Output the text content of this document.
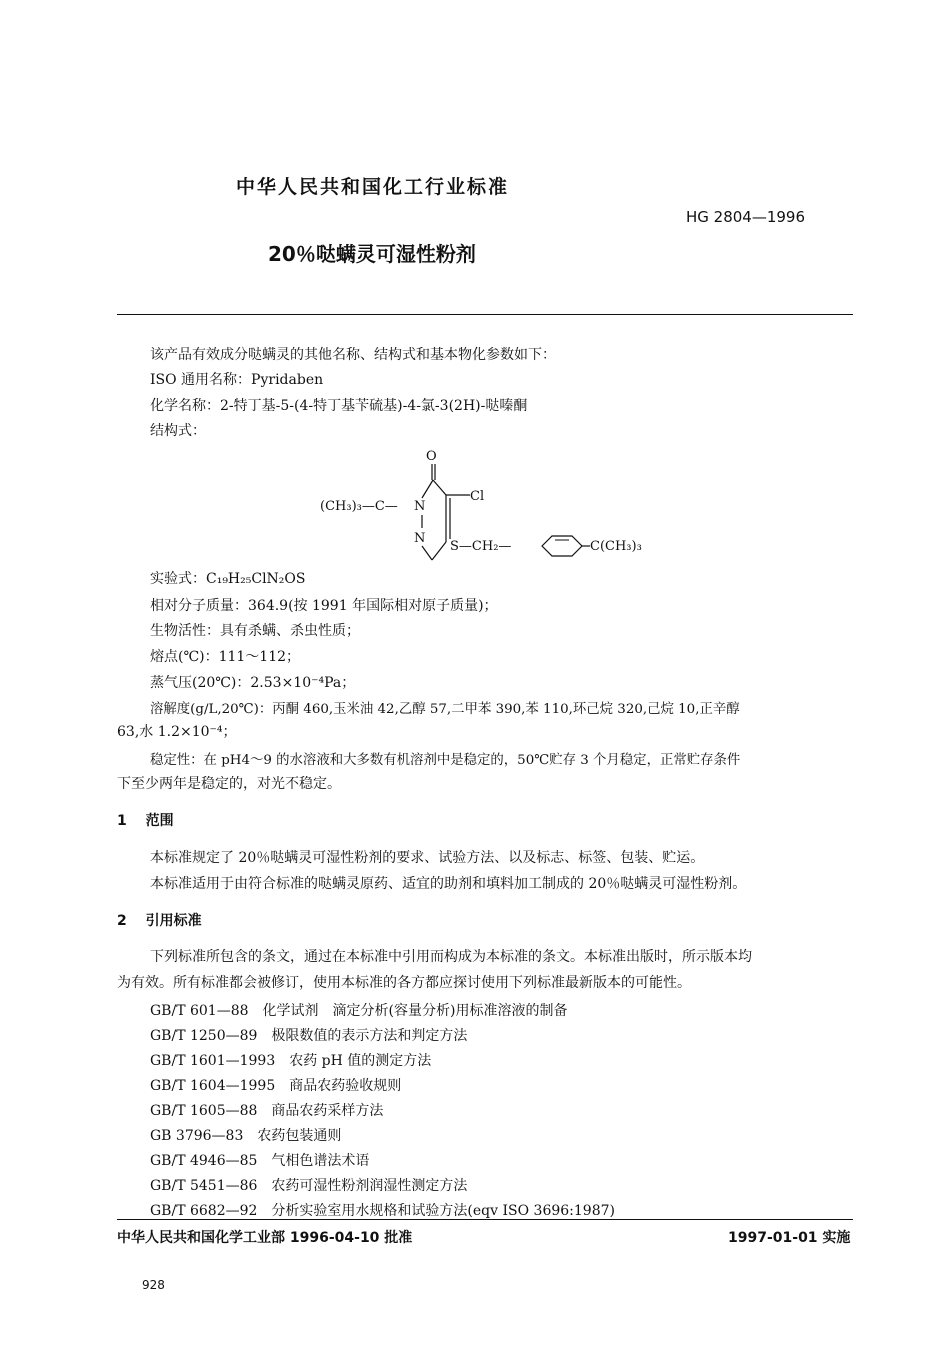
中华人民共和国化工行业标准
HG 2804—1996
20％哒螨灵可湿性粉剂
该产品有效成分哒螨灵的其他名称、结构式和基本物化参数如下：
ISO 通用名称：Pyridaben
化学名称：2-特丁基-5-(4-特丁基苄硫基)-4-氯-3(2H)-哒嗪酮
结构式：
O
(CH₃)₃—C— N
Cl
N
S—CH₂—	C(CH₃)₃
实验式：C₁₉H₂₅ClN₂OS
相对分子质量：364.9(按 1991 年国际相对原子质量)；
生物活性：具有杀螨、杀虫性质；
熔点(℃)：111～112；
蒸气压(20℃)：2.53×10⁻⁴Pa；
溶解度(g/L,20℃)：丙酮 460,玉米油 42,乙醇 57,二甲苯 390,苯 110,环己烷 320,己烷 10,正辛醇
63,水 1.2×10⁻⁴；
稳定性：在 pH4～9 的水溶液和大多数有机溶剂中是稳定的，50℃贮存 3 个月稳定，正常贮存条件
下至少两年是稳定的，对光不稳定。
1 范围
本标准规定了 20％哒螨灵可湿性粉剂的要求、试验方法、以及标志、标签、包装、贮运。
本标准适用于由符合标准的哒螨灵原药、适宜的助剂和填料加工制成的 20％哒螨灵可湿性粉剂。
2 引用标准
下列标准所包含的条文，通过在本标准中引用而构成为本标准的条文。本标准出版时，所示版本均
为有效。所有标准都会被修订，使用本标准的各方都应探讨使用下列标准最新版本的可能性。
GB/T 601—88 化学试剂　滴定分析(容量分析)用标准溶液的制备
GB/T 1250—89 极限数值的表示方法和判定方法
GB/T 1601—1993 农药 pH 值的测定方法
GB/T 1604—1995 商品农药验收规则
GB/T 1605—88 商品农药采样方法
GB 3796—83 农药包装通则
GB/T 4946—85 气相色谱法术语
GB/T 5451—86 农药可湿性粉剂润湿性测定方法
GB/T 6682—92 分析实验室用水规格和试验方法(eqv ISO 3696:1987)
中华人民共和国化学工业部 1996-04-10 批准	1997-01-01 实施
928
